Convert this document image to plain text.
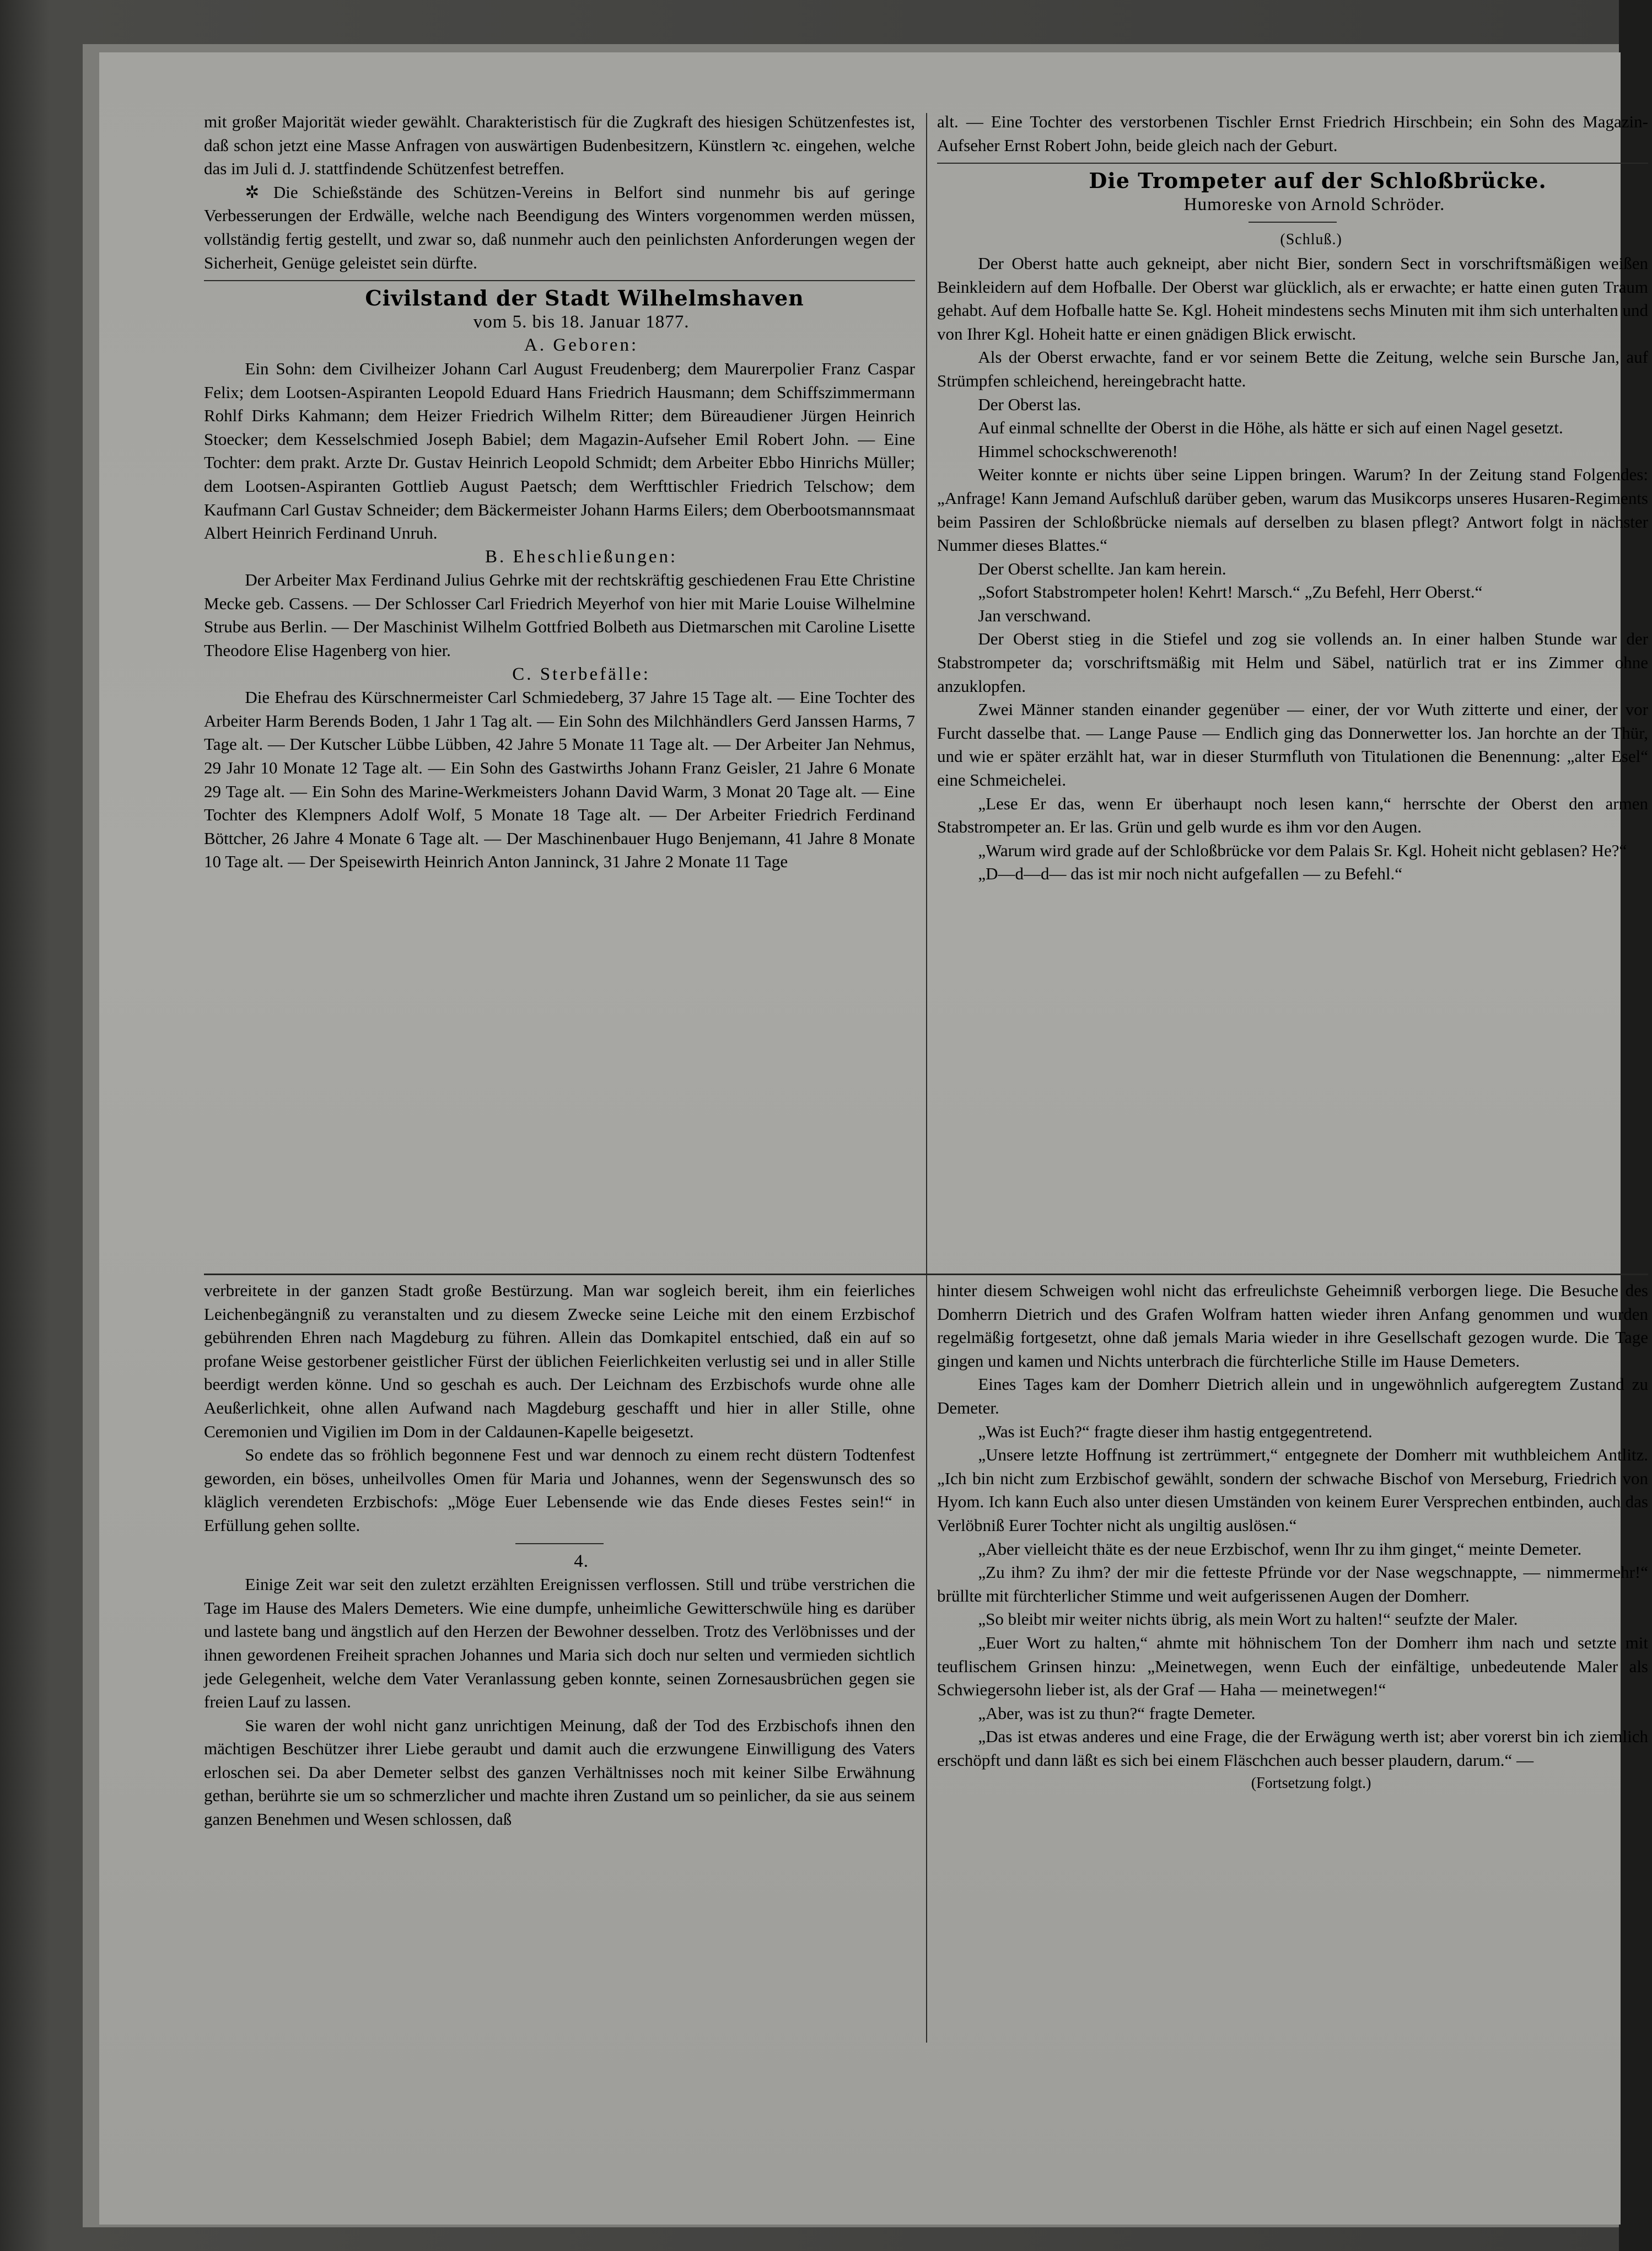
mit großer Majorität wieder gewählt. Charakteristisch für die Zugkraft des hiesigen Schützenfestes ist, daß schon jetzt eine Masse Anfragen von auswärtigen Budenbesitzern, Künstlern ꝛc. eingehen, welche das im Juli d. J. stattfindende Schützenfest betreffen.

✲ Die Schießstände des Schützen-Vereins in Belfort sind nunmehr bis auf geringe Verbesserungen der Erdwälle, welche nach Beendigung des Winters vorgenommen werden müssen, vollständig fertig gestellt, und zwar so, daß nunmehr auch den peinlichsten Anforderungen wegen der Sicherheit, Genüge geleistet sein dürfte.

Civilstand der Stadt Wilhelmshaven

vom 5. bis 18. Januar 1877.

A. Geboren:

Ein Sohn: dem Civilheizer Johann Carl August Freudenberg; dem Maurerpolier Franz Caspar Felix; dem Lootsen-Aspiranten Leopold Eduard Hans Friedrich Hausmann; dem Schiffszimmermann Rohlf Dirks Kahmann; dem Heizer Friedrich Wilhelm Ritter; dem Büreaudiener Jürgen Heinrich Stoecker; dem Kesselschmied Joseph Babiel; dem Magazin-Aufseher Emil Robert John. — Eine Tochter: dem prakt. Arzte Dr. Gustav Heinrich Leopold Schmidt; dem Arbeiter Ebbo Hinrichs Müller; dem Lootsen-Aspiranten Gottlieb August Paetsch; dem Werfttischler Friedrich Telschow; dem Kaufmann Carl Gustav Schneider; dem Bäckermeister Johann Harms Eilers; dem Oberbootsmannsmaat Albert Heinrich Ferdinand Unruh.

B. Eheschließungen:

Der Arbeiter Max Ferdinand Julius Gehrke mit der rechtskräftig geschiedenen Frau Ette Christine Mecke geb. Cassens. — Der Schlosser Carl Friedrich Meyerhof von hier mit Marie Louise Wilhelmine Strube aus Berlin. — Der Maschinist Wilhelm Gottfried Bolbeth aus Dietmarschen mit Caroline Lisette Theodore Elise Hagenberg von hier.

C. Sterbefälle:

Die Ehefrau des Kürschnermeister Carl Schmiedeberg, 37 Jahre 15 Tage alt. — Eine Tochter des Arbeiter Harm Berends Boden, 1 Jahr 1 Tag alt. — Ein Sohn des Milchhändlers Gerd Janssen Harms, 7 Tage alt. — Der Kutscher Lübbe Lübben, 42 Jahre 5 Monate 11 Tage alt. — Der Arbeiter Jan Nehmus, 29 Jahr 10 Monate 12 Tage alt. — Ein Sohn des Gastwirths Johann Franz Geisler, 21 Jahre 6 Monate 29 Tage alt. — Ein Sohn des Marine-Werkmeisters Johann David Warm, 3 Monat 20 Tage alt. — Eine Tochter des Klempners Adolf Wolf, 5 Monate 18 Tage alt. — Der Arbeiter Friedrich Ferdinand Böttcher, 26 Jahre 4 Monate 6 Tage alt. — Der Maschinenbauer Hugo Benjemann, 41 Jahre 8 Monate 10 Tage alt. — Der Speisewirth Heinrich Anton Janninck, 31 Jahre 2 Monate 11 Tage

alt. — Eine Tochter des verstorbenen Tischler Ernst Friedrich Hirschbein; ein Sohn des Magazin-Aufseher Ernst Robert John, beide gleich nach der Geburt.

Die Trompeter auf der Schloßbrücke.

Humoreske von Arnold Schröder.

(Schluß.)

Der Oberst hatte auch gekneipt, aber nicht Bier, sondern Sect in vorschriftsmäßigen weißen Beinkleidern auf dem Hofballe. Der Oberst war glücklich, als er erwachte; er hatte einen guten Traum gehabt. Auf dem Hofballe hatte Se. Kgl. Hoheit mindestens sechs Minuten mit ihm sich unterhalten und von Ihrer Kgl. Hoheit hatte er einen gnädigen Blick erwischt.

Als der Oberst erwachte, fand er vor seinem Bette die Zeitung, welche sein Bursche Jan, auf Strümpfen schleichend, hereingebracht hatte.

Der Oberst las.

Auf einmal schnellte der Oberst in die Höhe, als hätte er sich auf einen Nagel gesetzt.

Himmel schockschwerenoth!

Weiter konnte er nichts über seine Lippen bringen. Warum? In der Zeitung stand Folgendes: „Anfrage! Kann Jemand Aufschluß darüber geben, warum das Musikcorps unseres Husaren-Regiments beim Passiren der Schloßbrücke niemals auf derselben zu blasen pflegt? Antwort folgt in nächster Nummer dieses Blattes.“

Der Oberst schellte. Jan kam herein.

„Sofort Stabstrompeter holen! Kehrt! Marsch.“ „Zu Befehl, Herr Oberst.“

Jan verschwand.

Der Oberst stieg in die Stiefel und zog sie vollends an. In einer halben Stunde war der Stabstrompeter da; vorschriftsmäßig mit Helm und Säbel, natürlich trat er ins Zimmer ohne anzuklopfen.

Zwei Männer standen einander gegenüber — einer, der vor Wuth zitterte und einer, der vor Furcht dasselbe that. — Lange Pause — Endlich ging das Donnerwetter los. Jan horchte an der Thür, und wie er später erzählt hat, war in dieser Sturmfluth von Titulationen die Benennung: „alter Esel“ eine Schmeichelei.

„Lese Er das, wenn Er überhaupt noch lesen kann,“ herrschte der Oberst den armen Stabstrompeter an. Er las. Grün und gelb wurde es ihm vor den Augen.

„Warum wird grade auf der Schloßbrücke vor dem Palais Sr. Kgl. Hoheit nicht geblasen? He?“

„D—d—d— das ist mir noch nicht aufgefallen — zu Befehl.“

verbreitete in der ganzen Stadt große Bestürzung. Man war sogleich bereit, ihm ein feierliches Leichenbegängniß zu veranstalten und zu diesem Zwecke seine Leiche mit den einem Erzbischof gebührenden Ehren nach Magdeburg zu führen. Allein das Domkapitel entschied, daß ein auf so profane Weise gestorbener geistlicher Fürst der üblichen Feierlichkeiten verlustig sei und in aller Stille beerdigt werden könne. Und so geschah es auch. Der Leichnam des Erzbischofs wurde ohne alle Aeußerlichkeit, ohne allen Aufwand nach Magdeburg geschafft und hier in aller Stille, ohne Ceremonien und Vigilien im Dom in der Caldaunen-Kapelle beigesetzt.

So endete das so fröhlich begonnene Fest und war dennoch zu einem recht düstern Todtenfest geworden, ein böses, unheilvolles Omen für Maria und Johannes, wenn der Segenswunsch des so kläglich verendeten Erzbischofs: „Möge Euer Lebensende wie das Ende dieses Festes sein!“ in Erfüllung gehen sollte.

4.

Einige Zeit war seit den zuletzt erzählten Ereignissen verflossen. Still und trübe verstrichen die Tage im Hause des Malers Demeters. Wie eine dumpfe, unheimliche Gewitterschwüle hing es darüber und lastete bang und ängstlich auf den Herzen der Bewohner desselben. Trotz des Verlöbnisses und der ihnen gewordenen Freiheit sprachen Johannes und Maria sich doch nur selten und vermieden sichtlich jede Gelegenheit, welche dem Vater Veranlassung geben konnte, seinen Zornesausbrüchen gegen sie freien Lauf zu lassen.

Sie waren der wohl nicht ganz unrichtigen Meinung, daß der Tod des Erzbischofs ihnen den mächtigen Beschützer ihrer Liebe geraubt und damit auch die erzwungene Einwilligung des Vaters erloschen sei. Da aber Demeter selbst des ganzen Verhältnisses noch mit keiner Silbe Erwähnung gethan, berührte sie um so schmerzlicher und machte ihren Zustand um so peinlicher, da sie aus seinem ganzen Benehmen und Wesen schlossen, daß

hinter diesem Schweigen wohl nicht das erfreulichste Geheimniß verborgen liege. Die Besuche des Domherrn Dietrich und des Grafen Wolfram hatten wieder ihren Anfang genommen und wurden regelmäßig fortgesetzt, ohne daß jemals Maria wieder in ihre Gesellschaft gezogen wurde. Die Tage gingen und kamen und Nichts unterbrach die fürchterliche Stille im Hause Demeters.

Eines Tages kam der Domherr Dietrich allein und in ungewöhnlich aufgeregtem Zustand zu Demeter.

„Was ist Euch?“ fragte dieser ihm hastig entgegentretend.

„Unsere letzte Hoffnung ist zertrümmert,“ entgegnete der Domherr mit wuthbleichem Antlitz. „Ich bin nicht zum Erzbischof gewählt, sondern der schwache Bischof von Merseburg, Friedrich von Hyom. Ich kann Euch also unter diesen Umständen von keinem Eurer Versprechen entbinden, auch das Verlöbniß Eurer Tochter nicht als ungiltig auslösen.“

„Aber vielleicht thäte es der neue Erzbischof, wenn Ihr zu ihm ginget,“ meinte Demeter.

„Zu ihm? Zu ihm? der mir die fetteste Pfründe vor der Nase wegschnappte, — nimmermehr!“ brüllte mit fürchterlicher Stimme und weit aufgerissenen Augen der Domherr.

„So bleibt mir weiter nichts übrig, als mein Wort zu halten!“ seufzte der Maler.

„Euer Wort zu halten,“ ahmte mit höhnischem Ton der Domherr ihm nach und setzte mit teuflischem Grinsen hinzu: „Meinetwegen, wenn Euch der einfältige, unbedeutende Maler als Schwiegersohn lieber ist, als der Graf — Haha — meinetwegen!“

„Aber, was ist zu thun?“ fragte Demeter.

„Das ist etwas anderes und eine Frage, die der Erwägung werth ist; aber vorerst bin ich ziemlich erschöpft und dann läßt es sich bei einem Fläschchen auch besser plaudern, darum.“ —

(Fortsetzung folgt.)
